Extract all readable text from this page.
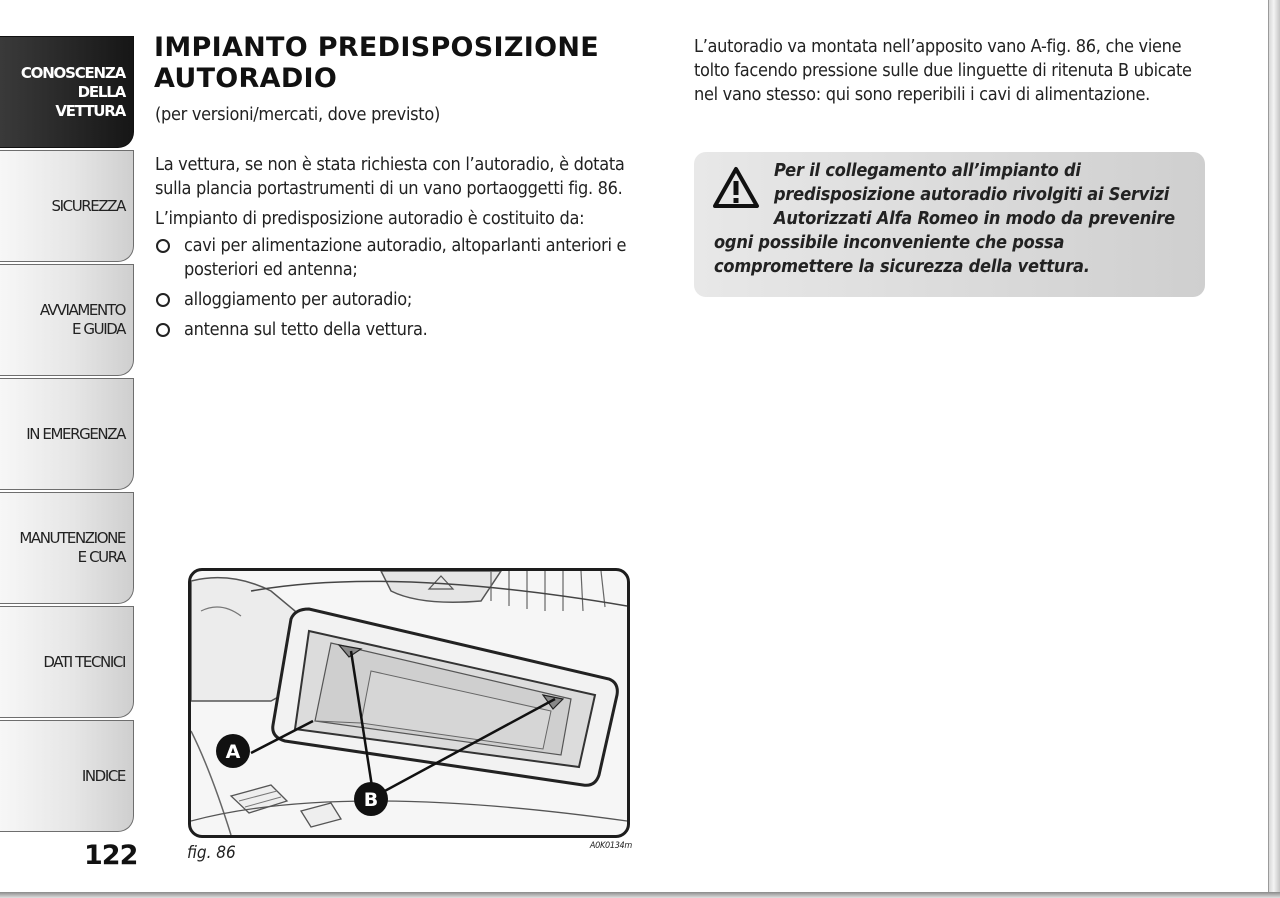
CONOSCENZA
DELLA
VETTURA
SICUREZZA
AVVIAMENTO
E GUIDA
IN EMERGENZA
MANUTENZIONE
E CURA
DATI TECNICI
INDICE
122
IMPIANTO PREDISPOSIZIONE
AUTORADIO
(per versioni/mercati, dove previsto)

La vettura, se non è stata richiesta con l’autoradio, è dotata sulla plancia portastrumenti di un vano portaoggetti fig. 86.

L’impianto di predisposizione autoradio è costituito da:

cavi per alimentazione autoradio, altoparlanti anteriori e posteriori ed antenna;
alloggiamento per autoradio;
antenna sul tetto della vettura.
A
B
fig. 86	A0K0134m

L’autoradio va montata nell’apposito vano A-fig. 86, che viene tolto facendo pressione sulle due linguette di ritenuta B ubicate nel vano stesso: qui sono reperibili i cavi di alimentazione.

Per il collegamento all’impianto di predisposizione autoradio rivolgiti ai Servizi Autorizzati Alfa Romeo in modo da prevenire ogni possibile inconveniente che possa compromettere la sicurezza della vettura.
